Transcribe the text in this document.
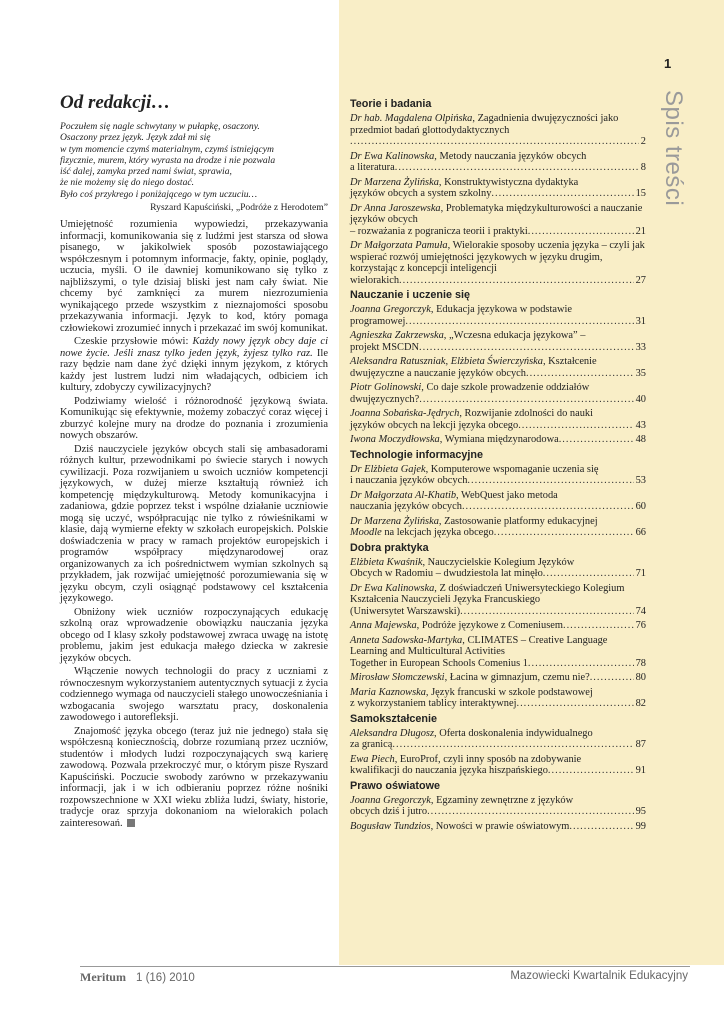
Od redakcji…
Poczułem się nagle schwytany w pułapkę, osaczony.
Osaczony przez język. Język zdał mi się
w tym momencie czymś materialnym, czymś istniejącym
fizycznie, murem, który wyrasta na drodze i nie pozwala
iść dalej, zamyka przed nami świat, sprawia,
że nie możemy się do niego dostać.
Było coś przykrego i poniżającego w tym uczuciu…
Ryszard Kapuściński, „Podróże z Herodotem”

Umiejętność rozumienia wypowiedzi, przekazywania informacji, komunikowania się z ludźmi jest starsza od słowa pisanego, w jakikolwiek sposób pozostawiającego współczesnym i potomnym informacje, fakty, opinie, poglądy, uczucia, myśli. O ile dawniej komunikowano się tylko z najbliższymi, o tyle dzisiaj bliski jest nam cały świat. Nie chcemy być zamknięci za murem niezrozumienia wynikającego przede wszystkim z nieznajomości sposobu przekazywania informacji. Język to kod, który pomaga człowiekowi zrozumieć innych i przekazać im swój komunikat.

Czeskie przysłowie mówi: Każdy nowy język obcy daje ci nowe życie. Jeśli znasz tylko jeden język, żyjesz tylko raz. Ile razy będzie nam dane żyć dzięki innym językom, z których każdy jest lustrem ludzi nim władających, odbiciem ich kultury, zdobyczy cywilizacyjnych?

Podziwiamy wielość i różnorodność językową świata. Komunikując się efektywnie, możemy zobaczyć coraz więcej i zburzyć kolejne mury na drodze do poznania i zrozumienia nowych obszarów.

Dziś nauczyciele języków obcych stali się ambasadorami różnych kultur, przewodnikami po świecie starych i nowych cywilizacji. Poza rozwijaniem u swoich uczniów kompetencji językowych, w dużej mierze kształtują również ich kompetencję międzykulturową. Metody komunikacyjna i zadaniowa, gdzie poprzez tekst i wspólne działanie uczniowie mogą się uczyć, współpracując nie tylko z rówieśnikami w klasie, dają wymierne efekty w szkołach europejskich. Polskie doświadczenia w pracy w ramach projektów europejskich i programów współpracy międzynarodowej oraz organizowanych za ich pośrednictwem wymian szkolnych są przykładem, jak rozwijać umiejętność porozumiewania się w języku obcym, czyli osiągnąć podstawowy cel kształcenia językowego.

Obniżony wiek uczniów rozpoczynających edukację szkolną oraz wprowadzenie obowiązku nauczania języka obcego od I klasy szkoły podstawowej zwraca uwagę na istotę problemu, jakim jest edukacja małego dziecka w zakresie języków obcych.

Włączenie nowych technologii do pracy z uczniami z równoczesnym wykorzystaniem autentycznych sytuacji z życia codziennego wymaga od nauczycieli stałego unowocześniania i wzbogacania swojego warsztatu pracy, doskonalenia zawodowego i autorefleksji.

Znajomość języka obcego (teraz już nie jednego) stała się współczesną koniecznością, dobrze rozumianą przez uczniów, studentów i młodych ludzi rozpoczynających swą karierę zawodową. Pozwala przekroczyć mur, o którym pisze Ryszard Kapuściński. Poczucie swobody zarówno w przekazywaniu informacji, jak i w ich odbieraniu poprzez różne nośniki rozpowszechnione w XXI wieku zbliża ludzi, światy, historie, tradycje oraz sprzyja dokonaniom na wielorakich polach zainteresowań.

Teorie i badania
Dr hab. Magdalena Olpińska, Zagadnienia dwujęzyczności jako przedmiot badań glottodydaktycznych
.....
2
Dr Ewa Kalinowska, Metody nauczania języków obcych
a literatura .....	8
Dr Marzena Żylińska, Konstruktywistyczna dydaktyka
języków obcych a system szkolny .....	15
Dr Anna Jaroszewska, Problematyka międzykulturowości a nauczanie języków obcych
– rozważania z pogranicza teorii i praktyki .....	21
Dr Małgorzata Pamuła, Wielorakie sposoby uczenia języka – czyli jak wspierać rozwój umiejętności językowych w języku drugim, korzystając z koncepcji inteligencji
wielorakich .....	27
Nauczanie i uczenie się
Joanna Gregorczyk, Edukacja językowa w podstawie
programowej .....	31
Agnieszka Zakrzewska, „Wczesna edukacja językowa” –
projekt MSCDN .....	33
Aleksandra Ratusznia​k, Elżbieta Świerczyńska, Kształcenie
dwujęzyczne a nauczanie języków obcych .....	35
Piotr Golinowski, Co daje szkole prowadzenie oddziałów
dwujęzycznych? .....	40
Joanna Sobańska-Jędrych, Rozwijanie zdolności do nauki
języków obcych na lekcji języka obcego .....	43
Iwona Moczydłowska, Wymiana międzynarodowa .....	48
Technologie informacyjne
Dr Elżbieta Gajek, Komputerowe wspomaganie uczenia się
i nauczania języków obcych .....	53
Dr Małgorzata Al-Khatib, WebQuest jako metoda
nauczania języków obcych .....	60
Dr Marzena Żylińska, Zastosowanie platformy edukacyjnej
Moodle na lekcjach języka obcego .....	66
Dobra praktyka
Elżbieta Kwaśnik, Nauczycielskie Kolegium Języków
Obcych w Radomiu – dwudziestola lat minęło .....	71
Dr Ewa Kalinowska, Z doświadczeń Uniwersyteckiego Kolegium Kształcenia Nauczycieli Języka Francuskiego
(Uniwersytet Warszawski) .....	74
Anna Majewska, Podróże językowe z Comeniusem .....	76
Anneta Sadowska-Martyka, CLIMATES – Creative Language Learning and Multicultural Activities
Together in European Schools Comenius 1 .....	78
Mirosław Słomczewski, Łacina w gimnazjum, czemu nie? .....	80
Maria Kaznowska, Język francuski w szkole podstawowej
z wykorzystaniem tablicy interaktywnej .....	82
Samokształcenie
Aleksandra Długosz, Oferta doskonalenia indywidualnego
za granicą .....	87
Ewa Piech, EuroProf, czyli inny sposób na zdobywanie
kwalifikacji do nauczania języka hiszpańskiego .....	91
Prawo oświatowe
Joanna Gregorczyk, Egzaminy zewnętrzne z języków
obcych dziś i jutro .....	95
Bogusław Tundzios, Nowości w prawie oświatowym .....	99
1
Spis treści
Meritum 1 (16) 2010	Mazowiecki Kwartalnik Edukacyjny
